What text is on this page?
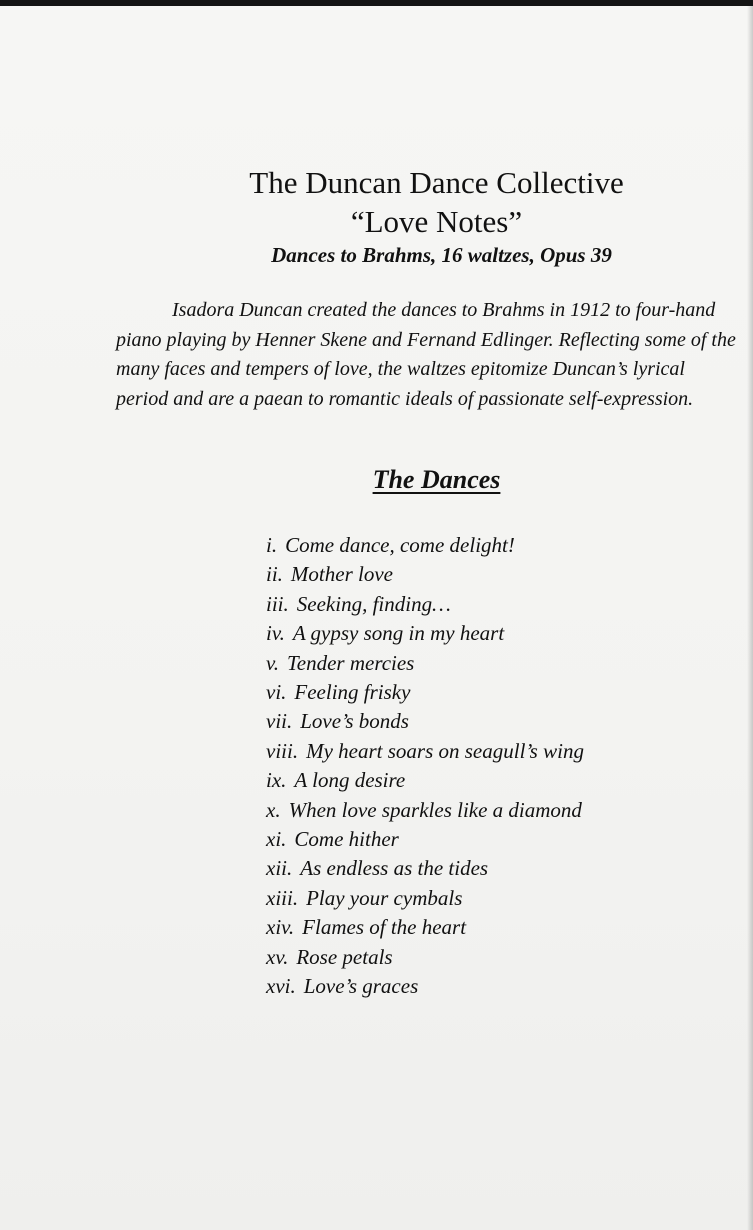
The Duncan Dance Collective
“Love Notes”
Dances to Brahms, 16 waltzes, Opus 39

Isadora Duncan created the dances to Brahms in 1912 to four-hand piano playing by Henner Skene and Fernand Edlinger. Reflecting some of the many faces and tempers of love, the waltzes epitomize Duncan’s lyrical period and are a paean to romantic ideals of passionate self-expression.

The Dances
i. Come dance, come delight!
ii. Mother love
iii. Seeking, finding…
iv. A gypsy song in my heart
v. Tender mercies
vi. Feeling frisky
vii. Love’s bonds
viii. My heart soars on seagull’s wing
ix. A long desire
x. When love sparkles like a diamond
xi. Come hither
xii. As endless as the tides
xiii. Play your cymbals
xiv. Flames of the heart
xv. Rose petals
xvi. Love’s graces
